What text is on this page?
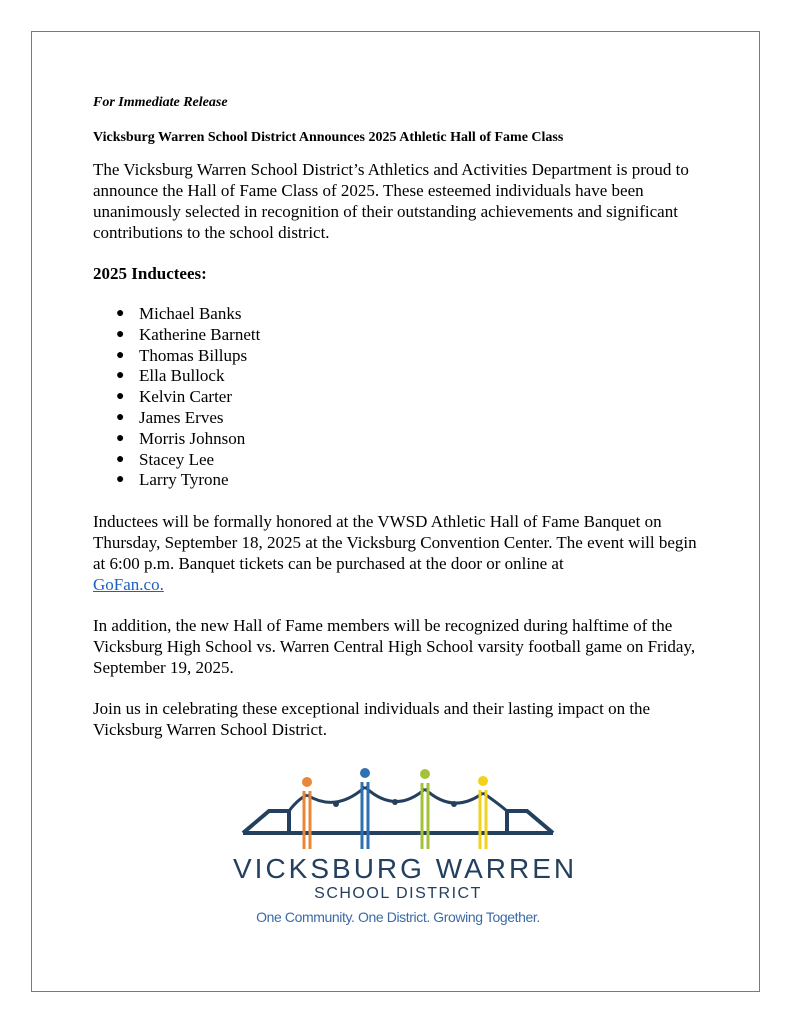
For Immediate Release

Vicksburg Warren School District Announces 2025 Athletic Hall of Fame Class

The Vicksburg Warren School District’s Athletics and Activities Department is proud to announce the Hall of Fame Class of 2025. These esteemed individuals have been unanimously selected in recognition of their outstanding achievements and significant contributions to the school district.

2025 Inductees:

● Michael Banks
● Katherine Barnett
● Thomas Billups
● Ella Bullock
● Kelvin Carter
● James Erves
● Morris Johnson
● Stacey Lee
● Larry Tyrone

Inductees will be formally honored at the VWSD Athletic Hall of Fame Banquet on Thursday, September 18, 2025 at the Vicksburg Convention Center. The event will begin at 6:00 p.m. Banquet tickets can be purchased at the door or online at
GoFan.co.

In addition, the new Hall of Fame members will be recognized during halftime of the Vicksburg High School vs. Warren Central High School varsity football game on Friday, September 19, 2025.

Join us in celebrating these exceptional individuals and their lasting impact on the Vicksburg Warren School District.

VICKSBURG WARREN
SCHOOL DISTRICT
One Community. One District. Growing Together.
